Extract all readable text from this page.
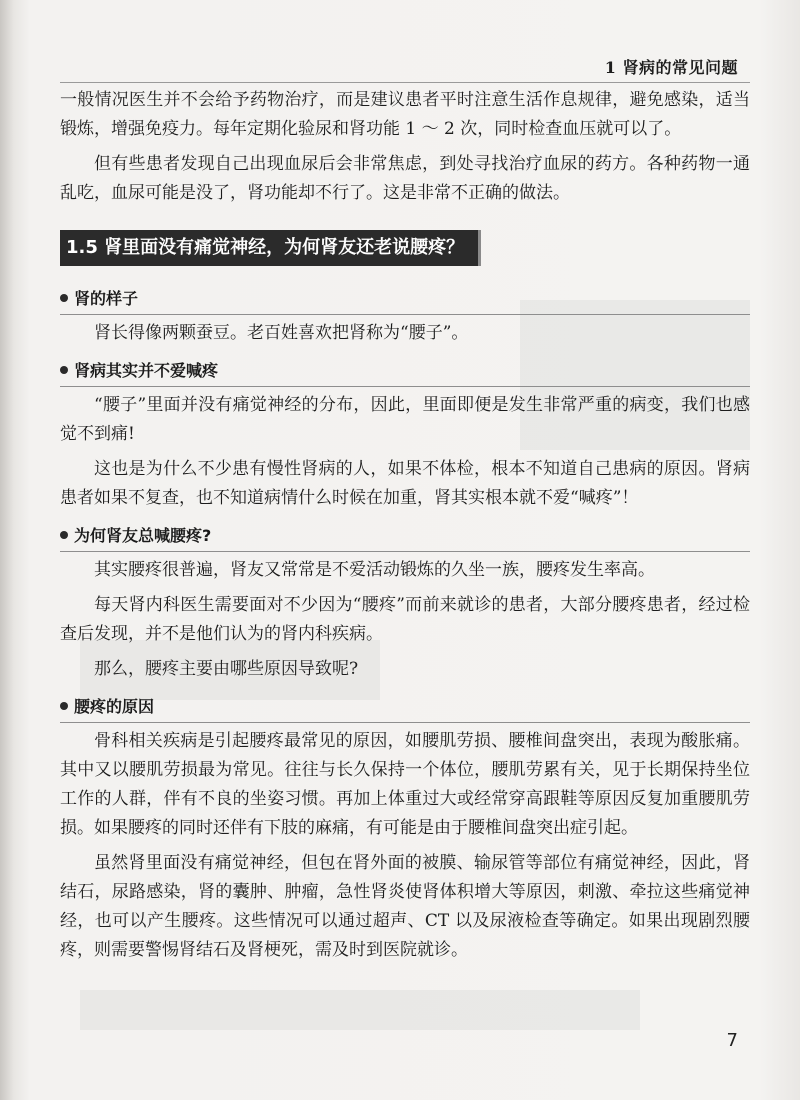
1 肾病的常见问题

一般情况医生并不会给予药物治疗，而是建议患者平时注意生活作息规律，避免感染，适当锻炼，增强免疫力。每年定期化验尿和肾功能 1 ～ 2 次，同时检查血压就可以了。

但有些患者发现自己出现血尿后会非常焦虑，到处寻找治疗血尿的药方。各种药物一通乱吃，血尿可能是没了，肾功能却不行了。这是非常不正确的做法。

1.5 肾里面没有痛觉神经，为何肾友还老说腰疼？
肾的样子

肾长得像两颗蚕豆。老百姓喜欢把肾称为“腰子”。

肾病其实并不爱喊疼

“腰子”里面并没有痛觉神经的分布，因此，里面即便是发生非常严重的病变，我们也感觉不到痛!

这也是为什么不少患有慢性肾病的人，如果不体检，根本不知道自己患病的原因。肾病患者如果不复查，也不知道病情什么时候在加重，肾其实根本就不爱“喊疼”！

为何肾友总喊腰疼?

其实腰疼很普遍，肾友又常常是不爱活动锻炼的久坐一族，腰疼发生率高。

每天肾内科医生需要面对不少因为“腰疼”而前来就诊的患者，大部分腰疼患者，经过检查后发现，并不是他们认为的肾内科疾病。

那么，腰疼主要由哪些原因导致呢?

腰疼的原因

骨科相关疾病是引起腰疼最常见的原因，如腰肌劳损、腰椎间盘突出，表现为酸胀痛。其中又以腰肌劳损最为常见。往往与长久保持一个体位，腰肌劳累有关，见于长期保持坐位工作的人群，伴有不良的坐姿习惯。再加上体重过大或经常穿高跟鞋等原因反复加重腰肌劳损。如果腰疼的同时还伴有下肢的麻痛，有可能是由于腰椎间盘突出症引起。

虽然肾里面没有痛觉神经，但包在肾外面的被膜、输尿管等部位有痛觉神经，因此，肾结石，尿路感染，肾的囊肿、肿瘤，急性肾炎使肾体积增大等原因，刺激、牵拉这些痛觉神经，也可以产生腰疼。这些情况可以通过超声、CT 以及尿液检查等确定。如果出现剧烈腰疼，则需要警惕肾结石及肾梗死，需及时到医院就诊。

7
